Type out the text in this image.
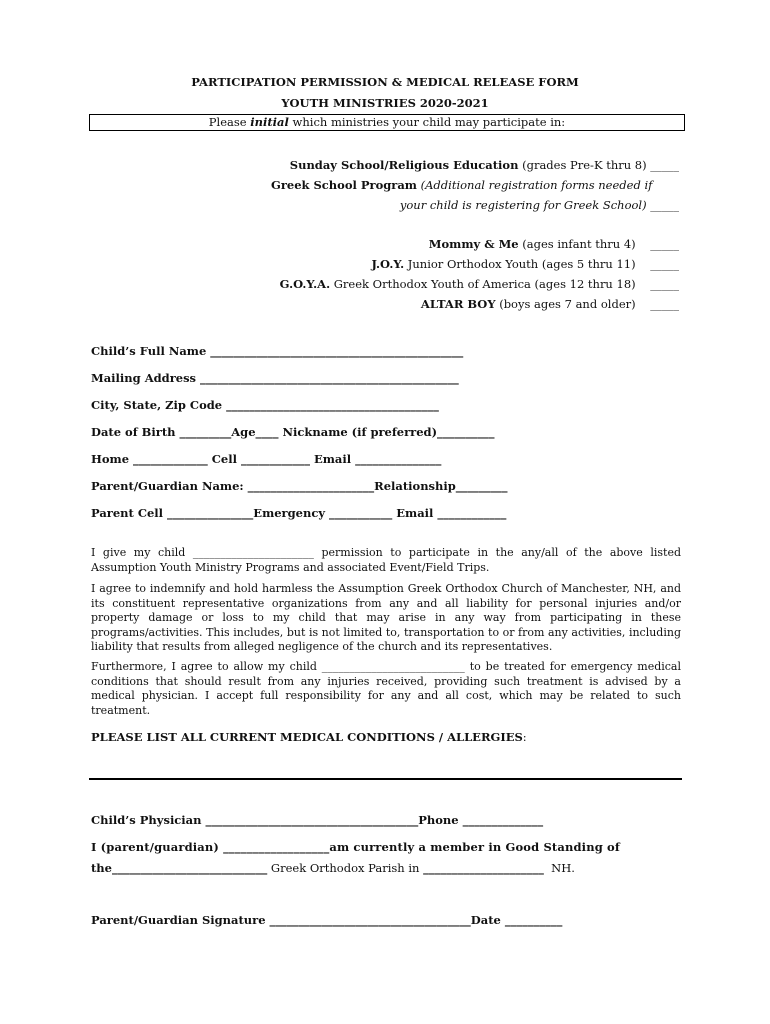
PARTICIPATION PERMISSION & MEDICAL RELEASE FORM
YOUTH MINISTRIES 2020-2021
Please initial which ministries your child may participate in:
Sunday School/Religious Education (grades Pre-K thru 8) _____
Greek School Program (Additional registration forms needed if
your child is registering for Greek School) _____
Mommy & Me (ages infant thru 4)    _____
J.O.Y. Junior Orthodox Youth (ages 5 thru 11)    _____
G.O.Y.A. Greek Orthodox Youth of America (ages 12 thru 18)    _____
ALTAR BOY (boys ages 7 and older)    _____
Child’s Full Name ____________________________________________
Mailing Address _____________________________________________
City, State, Zip Code _____________________________________
Date of Birth _________Age____ Nickname (if preferred)__________
Home _____________ Cell ____________ Email _______________
Parent/Guardian Name: ______________________Relationship_________
Parent Cell _______________Emergency ___________ Email ____________
I give my child ______________________ permission to participate in the any/all of the above listed Assumption Youth Ministry Programs and associated Event/Field Trips.
I agree to indemnify and hold harmless the Assumption Greek Orthodox Church of Manchester, NH, and its constituent representative organizations from any and all liability for personal injuries and/or property damage or loss to my child that may arise in any way from participating in these programs/activities. This includes, but is not limited to, transportation to or from any activities, including liability that results from alleged negligence of the church and its representatives.
Furthermore, I agree to allow my child __________________________ to be treated for emergency medical conditions that should result from any injuries received, providing such treatment is advised by a medical physician. I accept full responsibility for any and all cost, which may be related to such treatment.
PLEASE LIST ALL CURRENT MEDICAL CONDITIONS / ALLERGIES:
Child’s Physician _____________________________________Phone ______________
I (parent/guardian) __________________am currently a member in Good Standing of
the___________________________ Greek Orthodox Parish in _____________________  NH.
Parent/Guardian Signature ___________________________________Date __________
